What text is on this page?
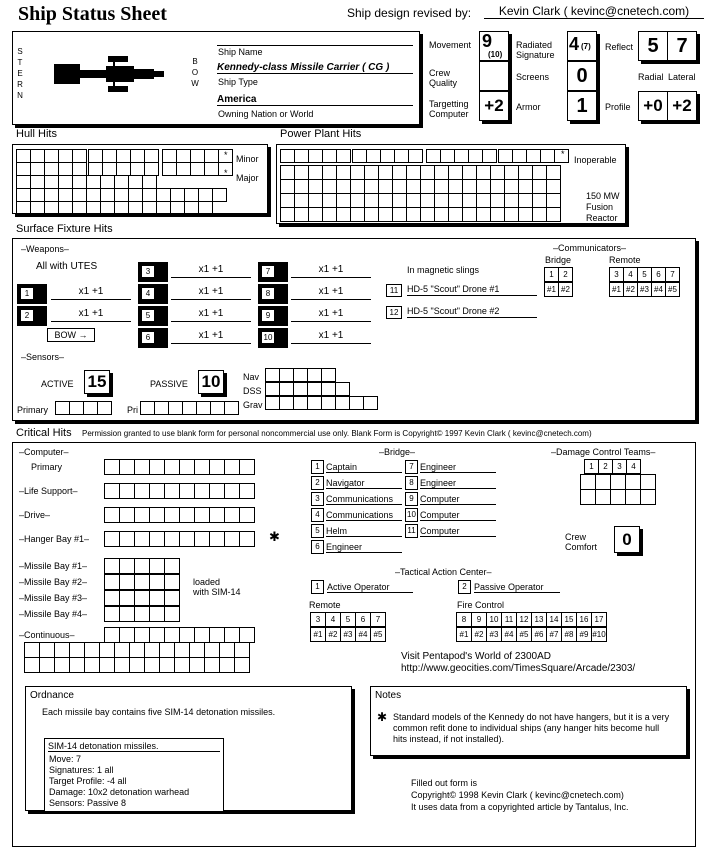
Ship Status Sheet	Ship design revised by:	Kevin Clark ( kevinc@cnetech.com)
S
T
E
R
N
B
O
W
Ship Name
Kennedy-class Missile Carrier ( CG )
Ship Type
America
Owning Nation or World
Movement 9
(10)
Crew
Quality
Targetting
Computer +2
Radiated
Signature
4 (7)
Screens	0
Armor	1
Reflect 5 7
Radial Lateral
Profile +0 +2
Hull Hits
*
*
Minor
Major
Power Plant Hits
*
Inoperable
150 MW
Fusion
Reactor
Surface Fixture Hits
–Weapons–
All with UTES
1	x1 +1
2	x1 +1
3	x1 +1
4	x1 +1
5	x1 +1
6	x1 +1
7	x1 +1
8	x1 +1
9	x1 +1
10	x1 +1
BOW →
In magnetic slings
11 HD-5 "Scout" Drone #1
12 HD-5 "Scout" Drone #2
–Communicators–
Bridge	Remote
1	2
#1 #2
3	4	5	6	7
#1 #2 #3 #4 #5
–Sensors–
ACTIVE 15	PASSIVE 10
Primary	Pri
Nav
DSS
Grav
Critical Hits Permission granted to use blank form for personal noncommercial use only. Blank Form is Copyright© 1997 Kevin Clark ( kevinc@cnetech.com)
–Computer–
Primary
–Life Support–
–Drive–
–Hanger Bay #1–	✱
–Missile Bay #1–
–Missile Bay #2–
–Missile Bay #3–
–Missile Bay #4–
loaded
with SIM-14
–Continuous–
–Bridge–
1 Captain
2 Navigator
3 Communications
4 Communications
5 Helm
6 Engineer
7 Engineer
8 Engineer
9 Computer
10 Computer
11 Computer
–Damage Control Teams–
1	2	3	4
Crew
Comfort	0
–Tactical Action Center–
1 Active Operator	2 Passive Operator
Remote	Fire Control
3	4	5	6	7
#1 #2 #3 #4 #5
8	9	10 11 12 13 14 15 16 17
#1 #2 #3 #4 #5 #6 #7 #8 #9 #10
Visit Pentapod's World of 2300AD
http://www.geocities.com/TimesSquare/Arcade/2303/
Ordnance
Each missile bay contains five SIM-14 detonation missiles.
SIM-14 detonation missiles.
Move: 7
Signatures: 1 all
Target Profile: -4 all
Damage: 10x2 detonation warhead
Sensors: Passive 8
Notes
✱ Standard models of the Kennedy do not have hangers, but it is a very common refit done to individual ships (any hanger hits become hull hits instead, if not installed).
Filled out form is
Copyright© 1998 Kevin Clark ( kevinc@cnetech.com)
It uses data from a copyrighted article by Tantalus, Inc.
